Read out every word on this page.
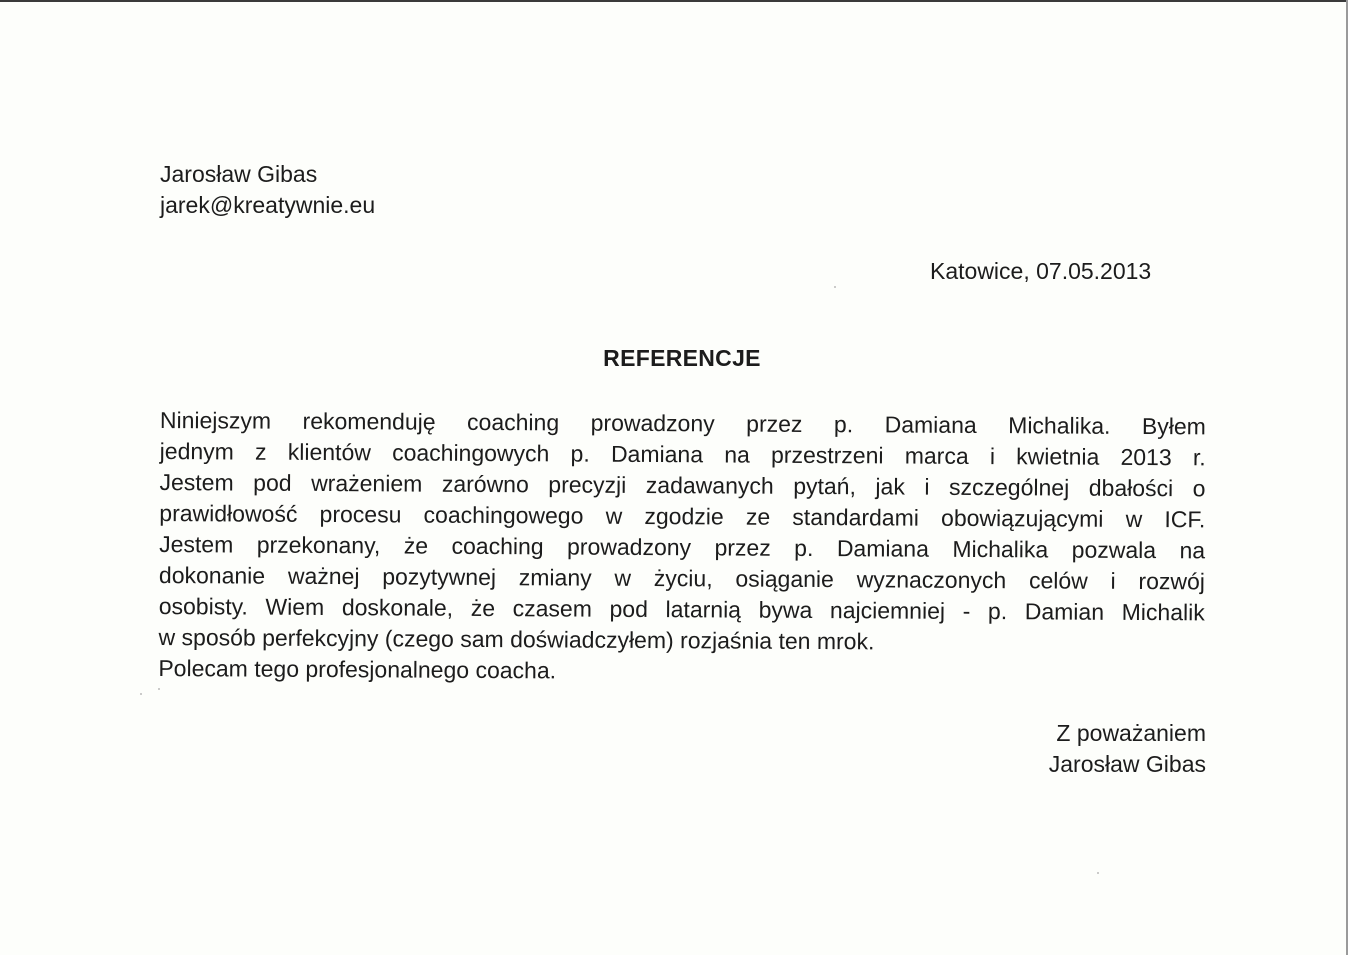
Jarosław Gibas
jarek@kreatywnie.eu
Katowice, 07.05.2013
REFERENCJE
Niniejszym rekomenduję coaching prowadzony przez p. Damiana Michalika. Byłem
jednym z klientów coachingowych p. Damiana na przestrzeni marca i kwietnia 2013 r.
Jestem pod wrażeniem zarówno precyzji zadawanych pytań, jak i szczególnej dbałości o
prawidłowość procesu coachingowego w zgodzie ze standardami obowiązującymi w ICF.
Jestem przekonany, że coaching prowadzony przez p. Damiana Michalika pozwala na
dokonanie ważnej pozytywnej zmiany w życiu, osiąganie wyznaczonych celów i rozwój
osobisty. Wiem doskonale, że czasem pod latarnią bywa najciemniej - p. Damian Michalik
w sposób perfekcyjny (czego sam doświadczyłem) rozjaśnia ten mrok.
Polecam tego profesjonalnego coacha.
Z poważaniem
Jarosław Gibas
